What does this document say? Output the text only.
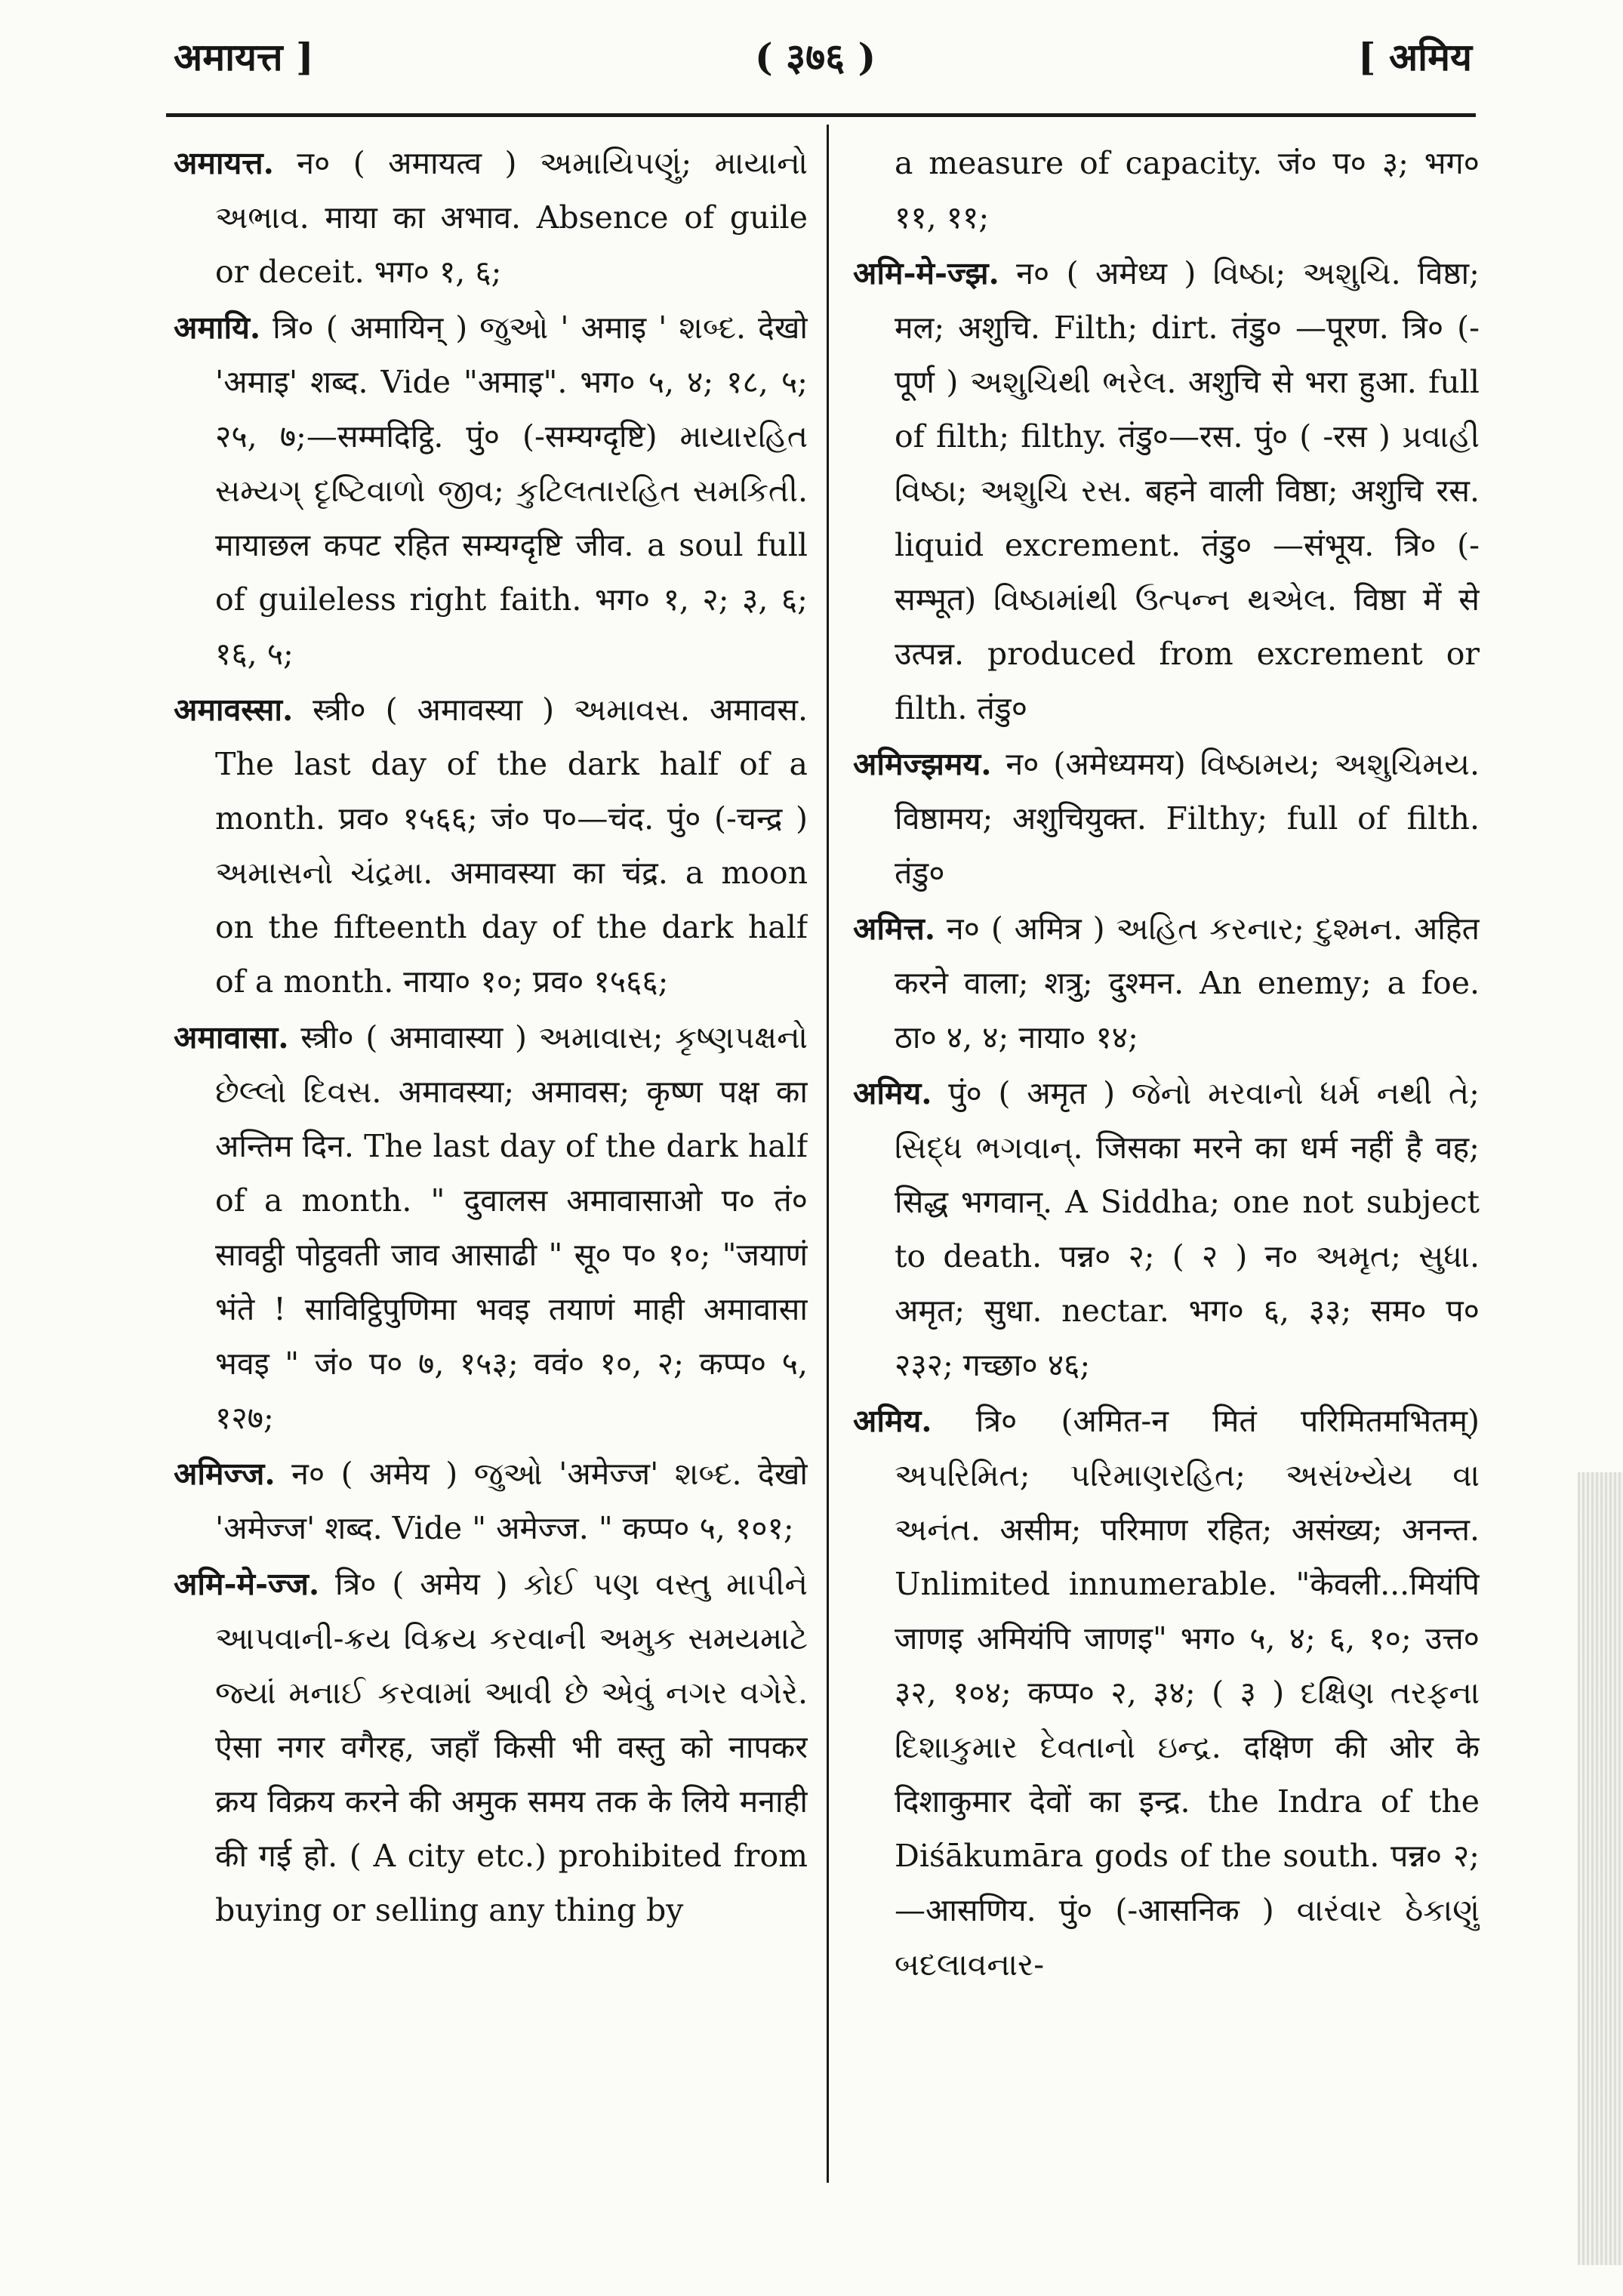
अमायत्त ]	( ३७६ )	[ अमिय

अमायत्त. न० ( अमायत्व ) અમાયિપણું; માયાનો અભાવ. माया का अभाव. Absence of guile or deceit. भग० १, ६;

अमायि. त्रि० ( अमायिन् ) જુઓ ' अमाइ ' શબ્દ. देखो 'अमाइ' शब्द. Vide "अमाइ". भग० ५, ४; १८, ५; २५, ७;—सम्मदिट्ठि. पुं० (-सम्यग्दृष्टि) માયારહિત સમ્યગ્ દૃષ્ટિવાળો જીવ; કુટિલતારહિત સમકિતી. मायाछल कपट रहित सम्यग्दृष्टि जीव. a soul full of guileless right faith. भग० १, २; ३, ६; १६, ५;

अमावस्सा. स्त्री० ( अमावस्या ) અમાવસ. अमावस. The last day of the dark half of a month. प्रव० १५६६; जं० प०—चंद. पुं० (-चन्द्र ) અમાસનો ચંદ્રમા. अमावस्या का चंद्र. a moon on the fifteenth day of the dark half of a month. नाया० १०; प्रव० १५६६;

अमावासा. स्त्री० ( अमावास्या ) અમાવાસ; કૃષ્ણપક્ષનો છેલ્લો દિવસ. अमावस्या; अमावस; कृष्ण पक्ष का अन्तिम दिन. The last day of the dark half of a month. " दुवालस अमावासाओ प० तं० सावट्ठी पोट्ठवती जाव आसाढी " सू० प० १०; "जयाणं भंते ! साविट्ठिपुणिमा भवइ तयाणं माही अमावासा भवइ " जं० प० ७, १५३; ववं० १०, २; कप्प० ५, १२७;

अमिज्ज. न० ( अमेय ) જુઓ 'अमेज्ज' શબ્દ. देखो 'अमेज्ज' शब्द. Vide " अमेज्ज. " कप्प० ५, १०१;

अमि-मे-ज्ज. त्रि० ( अमेय ) કોઈ પણ વસ્તુ માપીને આપવાની-ક્રય વિક્રય કરવાની અમુક સમયમાટે જ્યાં મનાઈ કરવામાં આવી છે એવું નગર વગેરે. ऐसा नगर वगैरह, जहाँ किसी भी वस्तु को नापकर क्रय विक्रय करने की अमुक समय तक के लिये मनाही की गई हो. ( A city etc.) prohibited from buying or selling any thing by

a measure of capacity. जं० प० ३; भग० ११, ११;

अमि-मे-ज्झ. न० ( अमेध्य ) વિષ્ઠા; અશુચિ. विष्ठा; मल; अशुचि. Filth; dirt. तंडु० —पूरण. त्रि० (-पूर्ण ) અશુચિથી ભરેલ. अशुचि से भरा हुआ. full of filth; filthy. तंडु०—रस. पुं० ( -रस ) પ્રવાહી વિષ્ઠા; અશુચિ રસ. बहने वाली विष्ठा; अशुचि रस. liquid excrement. तंडु० —संभूय. त्रि० (-सम्भूत) વિષ્ઠામાંથી ઉત્પન્ન થએલ. विष्ठा में से उत्पन्न. produced from excrement or filth. तंडु०

अमिज्झमय. न० (अमेध्यमय) વિષ્ઠામય; અશુચિમય. विष्ठामय; अशुचियुक्त. Filthy; full of filth. तंडु०

अमित्त. न० ( अमित्र ) અહિત કરનાર; દુશ્મન. अहित करने वाला; शत्रु; दुश्मन. An enemy; a foe. ठा० ४, ४; नाया० १४;

अमिय. पुं० ( अमृत ) જેનો મરવાનો ધર્મ નથી તે; સિદ્ધ ભગવાન્. जिसका मरने का धर्म नहीं है वह; सिद्ध भगवान्. A Siddha; one not subject to death. पन्न० २; ( २ ) न० અમૃત; સુધા. अमृत; सुधा. nectar. भग० ६, ३३; सम० प० २३२; गच्छा० ४६;

अमिय. त्रि० (अमित-न मितं परिमितमभितम्) અપરિમિત; પરિમાણરહિત; અસંખ્યેય વા અનંત. असीम; परिमाण रहित; असंख्य; अनन्त. Unlimited innumerable. "केवली...मियंपि जाणइ अमियंपि जाणइ" भग० ५, ४; ६, १०; उत्त० ३२, १०४; कप्प० २, ३४; ( ३ ) દક્ષિણ તરફના દિશાકુમાર દેવતાનો ઇન્દ્ર. दक्षिण की ओर के दिशाकुमार देवों का इन्द्र. the Indra of the Diśākumāra gods of the south. पन्न० २;—आसणिय. पुं० (-आसनिक ) વારંવાર ઠેકાણું બદલાવનાર-
